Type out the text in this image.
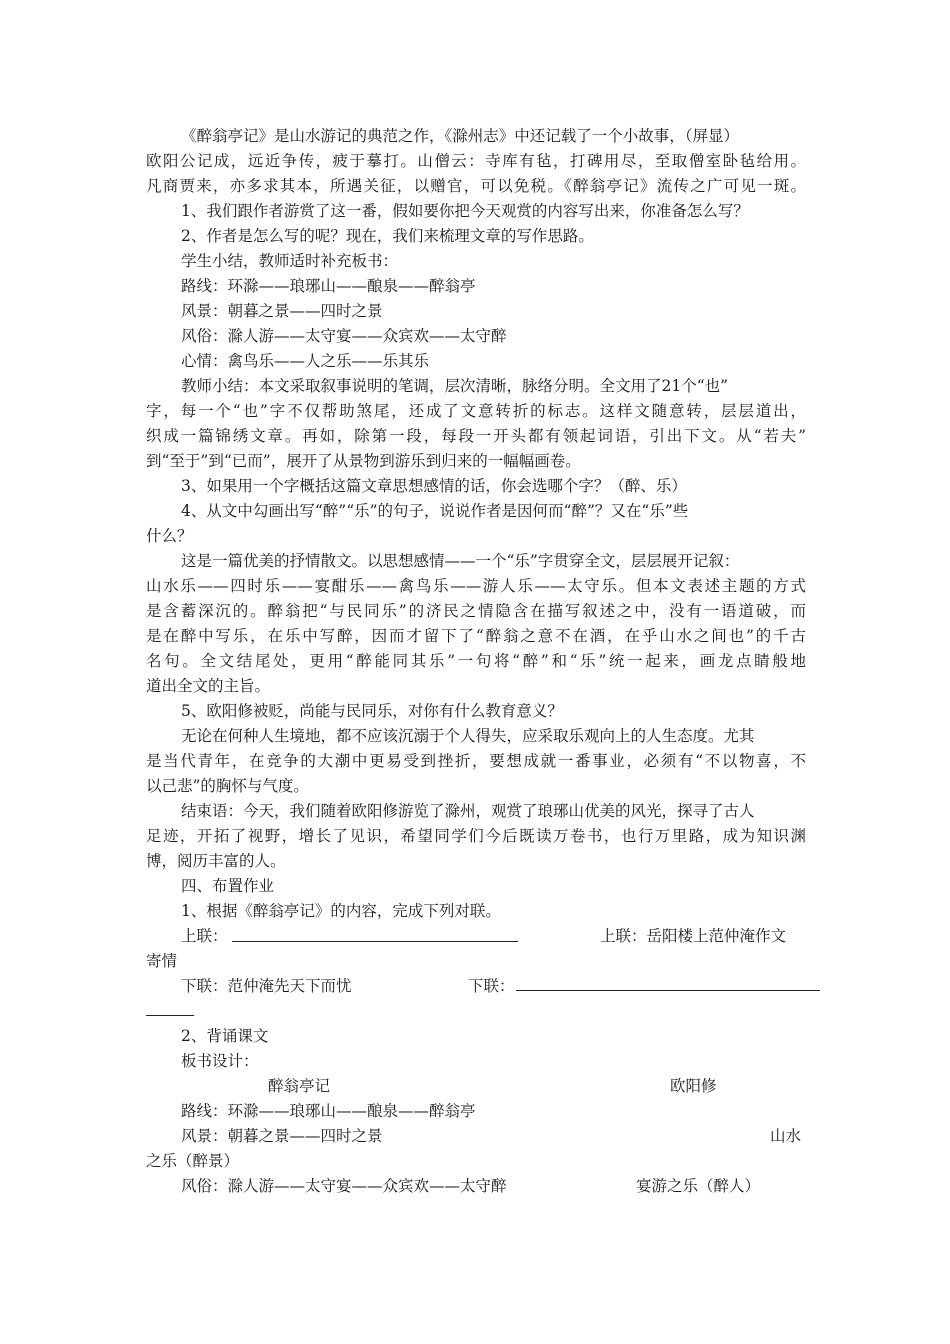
《醉翁亭记》是山水游记的典范之作，《滁州志》中还记载了一个小故事，（屏显）
欧阳公记成，远近争传，疲于摹打。山僧云：寺库有毡，打碑用尽，至取僧室卧毡给用。
凡商贾来，亦多求其本，所遇关征，以赠官，可以免税。《醉翁亭记》流传之广可见一斑。
1、我们跟作者游赏了这一番，假如要你把今天观赏的内容写出来，你准备怎么写？
2、作者是怎么写的呢？现在，我们来梳理文章的写作思路。
学生小结，教师适时补充板书：
路线：环滁——琅琊山——酿泉——醉翁亭
风景：朝暮之景——四时之景
风俗：滁人游——太守宴——众宾欢——太守醉
心情：禽鸟乐——人之乐——乐其乐
教师小结：本文采取叙事说明的笔调，层次清晰，脉络分明。全文用了21个“也”
字，每一个“也”字不仅帮助煞尾，还成了文意转折的标志。这样文随意转，层层道出，
织成一篇锦绣文章。再如，除第一段，每段一开头都有领起词语，引出下文。从“若夫”
到“至于”到“已而”，展开了从景物到游乐到归来的一幅幅画卷。
3、如果用一个字概括这篇文章思想感情的话，你会选哪个字？（醉、乐）
4、从文中勾画出写“醉”“乐”的句子，说说作者是因何而“醉”？又在“乐”些
什么？
这是一篇优美的抒情散文。以思想感情——一个“乐”字贯穿全文，层层展开记叙：
山水乐——四时乐——宴酣乐——禽鸟乐——游人乐——太守乐。但本文表述主题的方式
是含蓄深沉的。醉翁把“与民同乐”的济民之情隐含在描写叙述之中，没有一语道破，而
是在醉中写乐，在乐中写醉，因而才留下了“醉翁之意不在酒，在乎山水之间也”的千古
名句。全文结尾处，更用“醉能同其乐”一句将“醉”和“乐”统一起来，画龙点睛般地
道出全文的主旨。
5、欧阳修被贬，尚能与民同乐，对你有什么教育意义？
无论在何种人生境地，都不应该沉溺于个人得失，应采取乐观向上的人生态度。尤其
是当代青年，在竞争的大潮中更易受到挫折，要想成就一番事业，必须有“不以物喜，不
以己悲”的胸怀与气度。
结束语：今天，我们随着欧阳修游览了滁州，观赏了琅琊山优美的风光，探寻了古人
足迹，开拓了视野，增长了见识，希望同学们今后既读万卷书，也行万里路，成为知识渊
博，阅历丰富的人。
四、布置作业
1、根据《醉翁亭记》的内容，完成下列对联。
上联：	上联：岳阳楼上范仲淹作文
寄情
下联：范仲淹先天下而忧	下联：
2、背诵课文
板书设计：
醉翁亭记	欧阳修
路线：环滁——琅琊山——酿泉——醉翁亭
风景：朝暮之景——四时之景	山水
之乐（醉景）
风俗：滁人游——太守宴——众宾欢——太守醉	宴游之乐（醉人）
